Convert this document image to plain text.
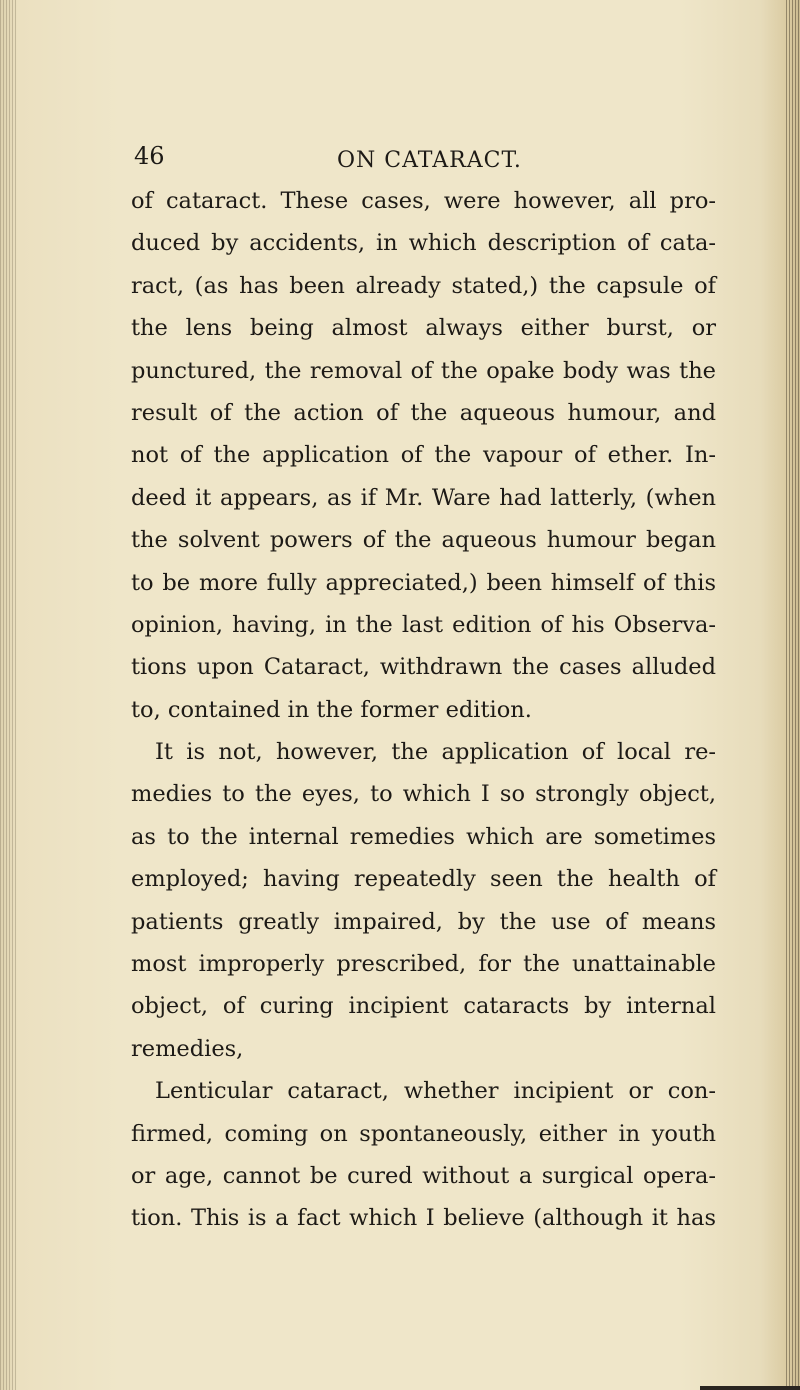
46	ON CATARACT.
of cataract. These cases, were however, all pro-
duced by accidents, in which description of cata-
ract, (as has been already stated,) the capsule of
the lens being almost always either burst, or
punctured, the removal of the opake body was the
result of the action of the aqueous humour, and
not of the application of the vapour of ether. In-
deed it appears, as if Mr. Ware had latterly, (when
the solvent powers of the aqueous humour began
to be more fully appreciated,) been himself of this
opinion, having, in the last edition of his Observa-
tions upon Cataract, withdrawn the cases alluded
to, contained in the former edition.
It is not, however, the application of local re-
medies to the eyes, to which I so strongly object,
as to the internal remedies which are sometimes
employed; having repeatedly seen the health of
patients greatly impaired, by the use of means
most improperly prescribed, for the unattainable
object, of curing incipient cataracts by internal
remedies,
Lenticular cataract, whether incipient or con-
firmed, coming on spontaneously, either in youth
or age, cannot be cured without a surgical opera-
tion. This is a fact which I believe (although it has
